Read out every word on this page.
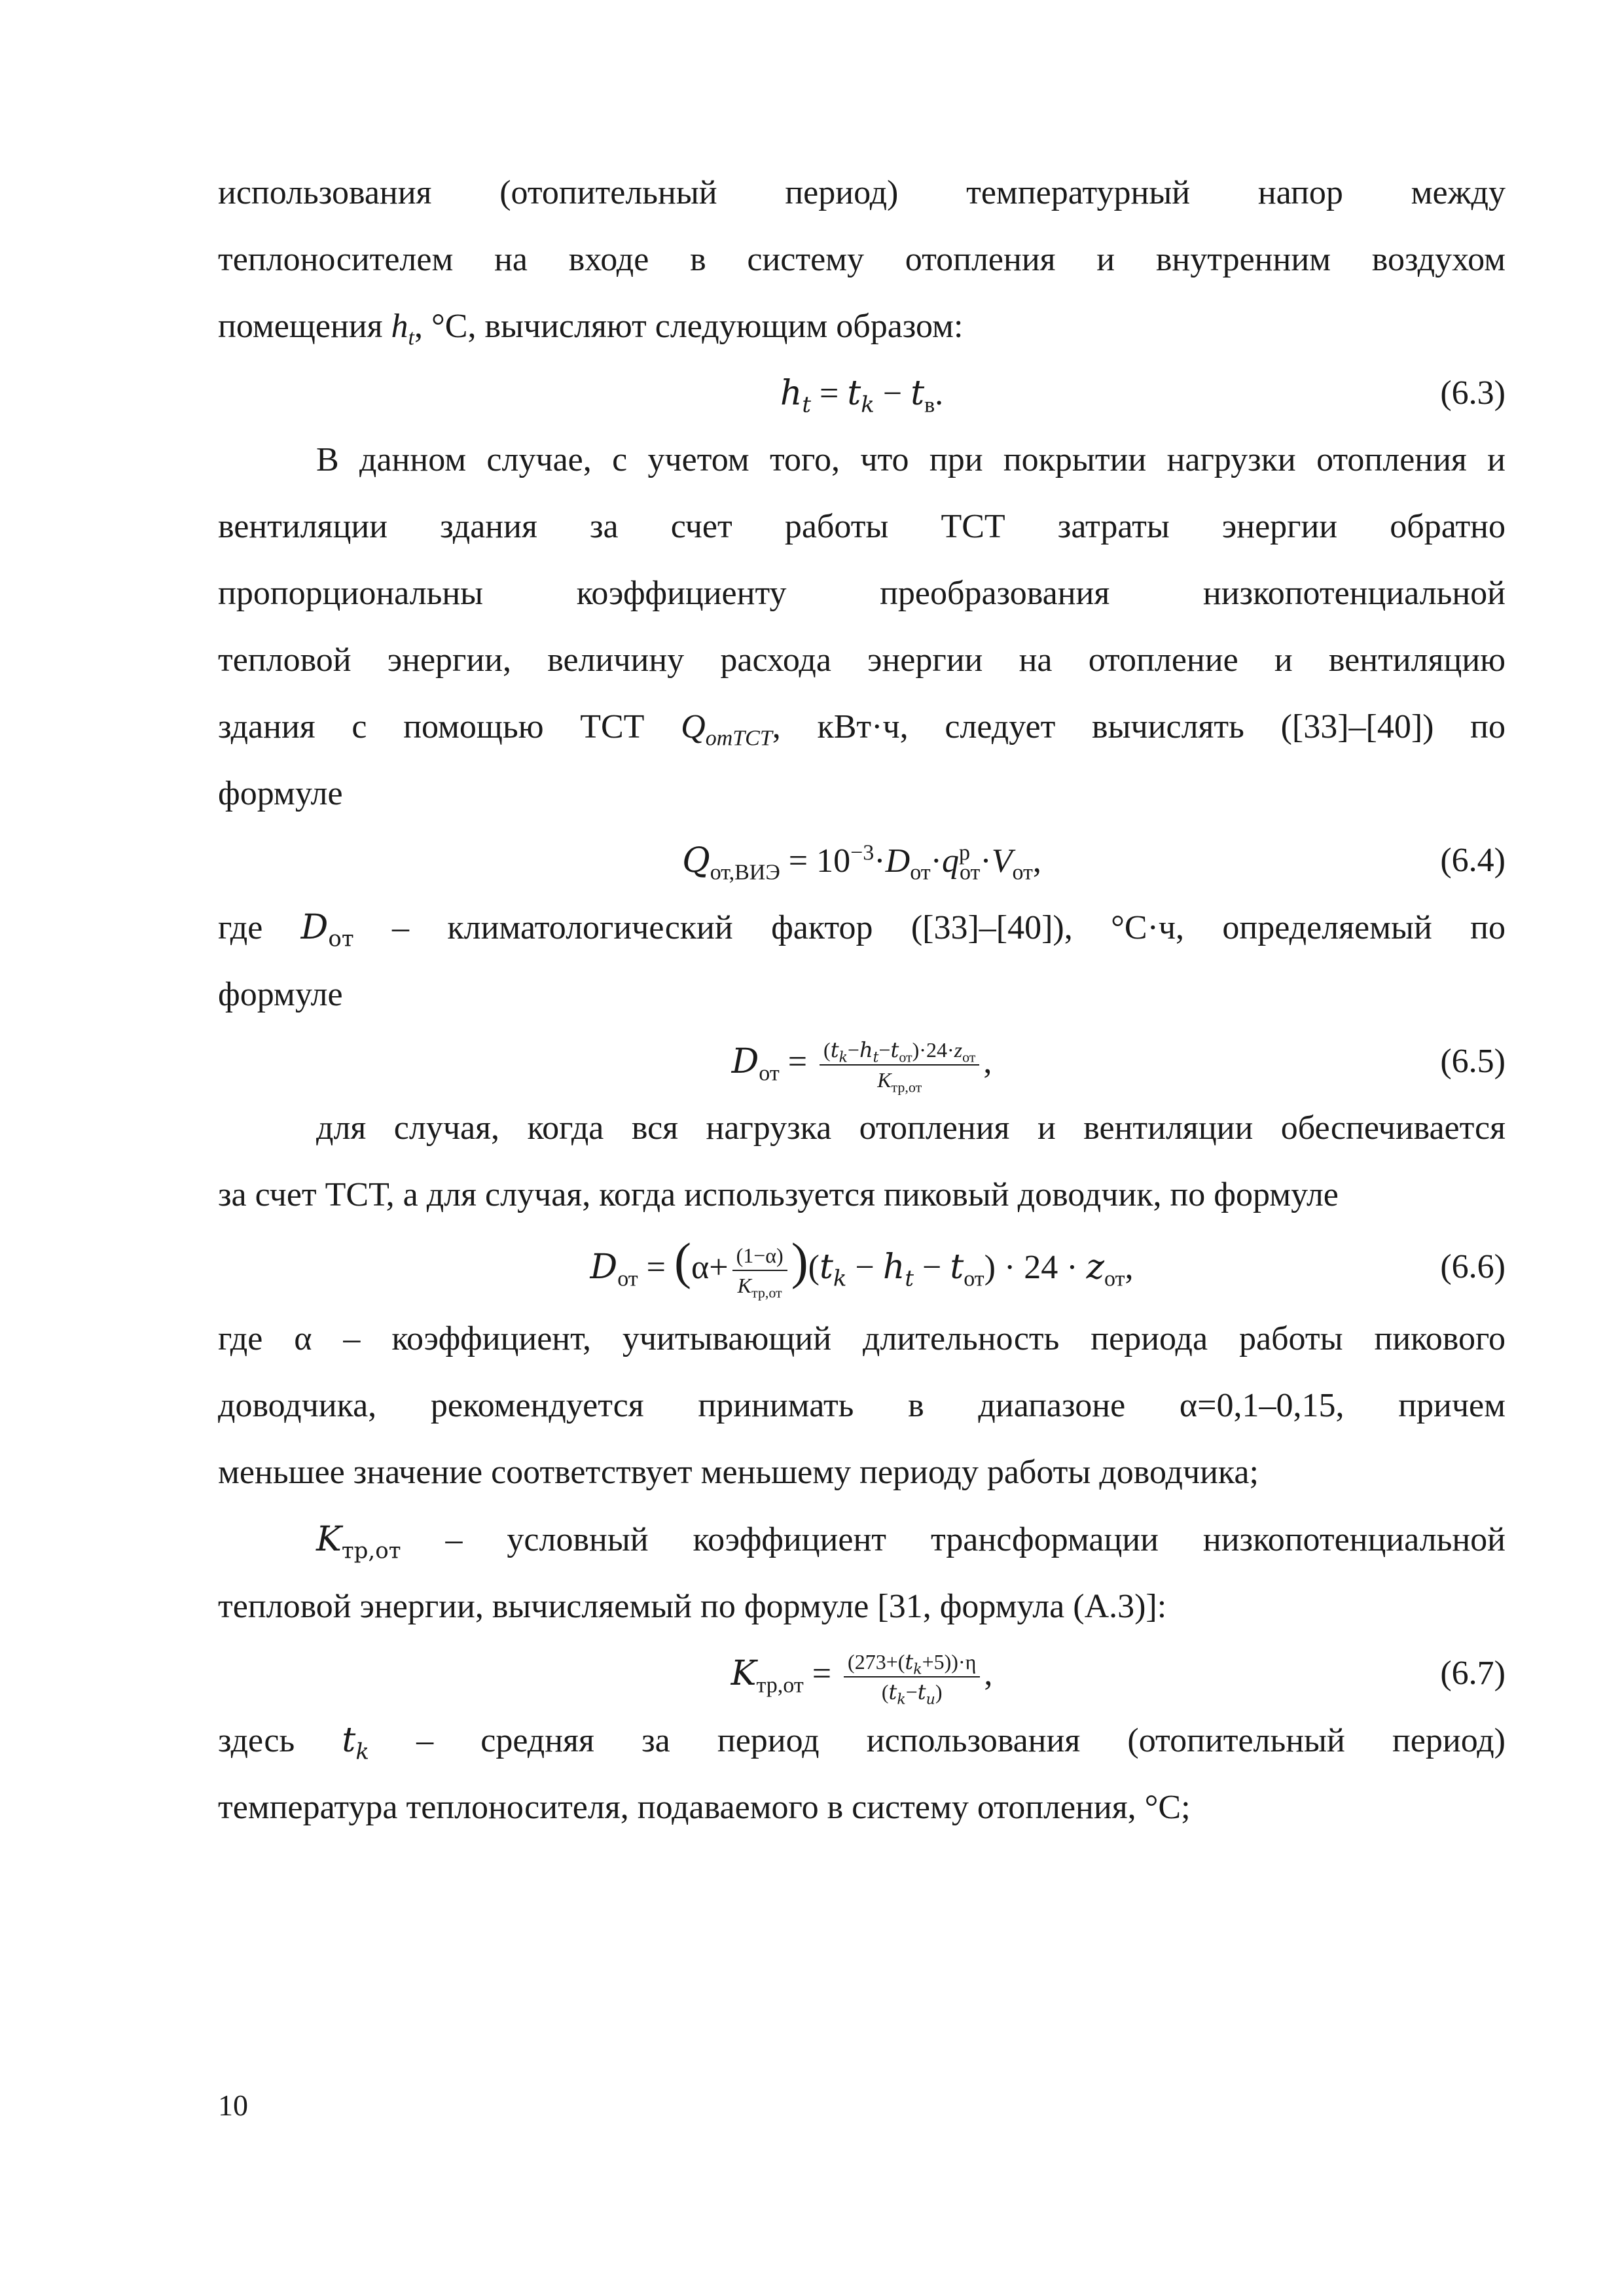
использования (отопительный период) температурный напор между

теплоносителем на входе в систему отопления и внутренним воздухом

помещения $h_t$, °С, вычисляют следующим образом:

$h_t = t_k - t_в$.	(6.3)

В данном случае, с учетом того, что при покрытии нагрузки отопления и

вентиляции здания за счет работы ТСТ затраты энергии обратно

пропорциональны коэффициенту преобразования низкопотенциальной

тепловой энергии, величину расхода энергии на отопление и вентиляцию

здания с помощью ТСТ $Q_{отТСТ}$, кВт·ч, следует вычислять ([33]–[40]) по

формуле

$Q_{от,ВИЭ} = 10^{-3}\cdot D_{от}\cdot q^р_{от}\cdot V_{от}$,	(6.4)

где $D_{от}$ – климатологический фактор ([33]–[40]), °С·ч, определяемый по

формуле

$D_{от} = \frac{(t_k-h_t-t_{от})\cdot 24\cdot z_{от}}{K_{тр,от}}$ ,	(6.5)

для случая, когда вся нагрузка отопления и вентиляции обеспечивается

за счет ТСТ, а для случая, когда используется пиковый доводчик, по формуле

$D_{от} = (\alpha+ \frac{(1-\alpha)}{K_{тр,от}} )(t_k - h_t - t_{от}) \cdot 24 \cdot z_{от}$,	(6.6)

где α – коэффициент, учитывающий длительность периода работы пикового

доводчика, рекомендуется принимать в диапазоне α=0,1–0,15, причем

меньшее значение соответствует меньшему периоду работы доводчика;

$K_{тр,от}$ – условный коэффициент трансформации низкопотенциальной

тепловой энергии, вычисляемый по формуле [31, формула (А.3)]:

$K_{тр,от} = \frac{(273+(t_k+5))\cdot\eta}{(t_k-t_u)}$ ,	(6.7)

здесь $t_k$ – средняя за период использования (отопительный период)

температура теплоносителя, подаваемого в систему отопления, °С;

10
